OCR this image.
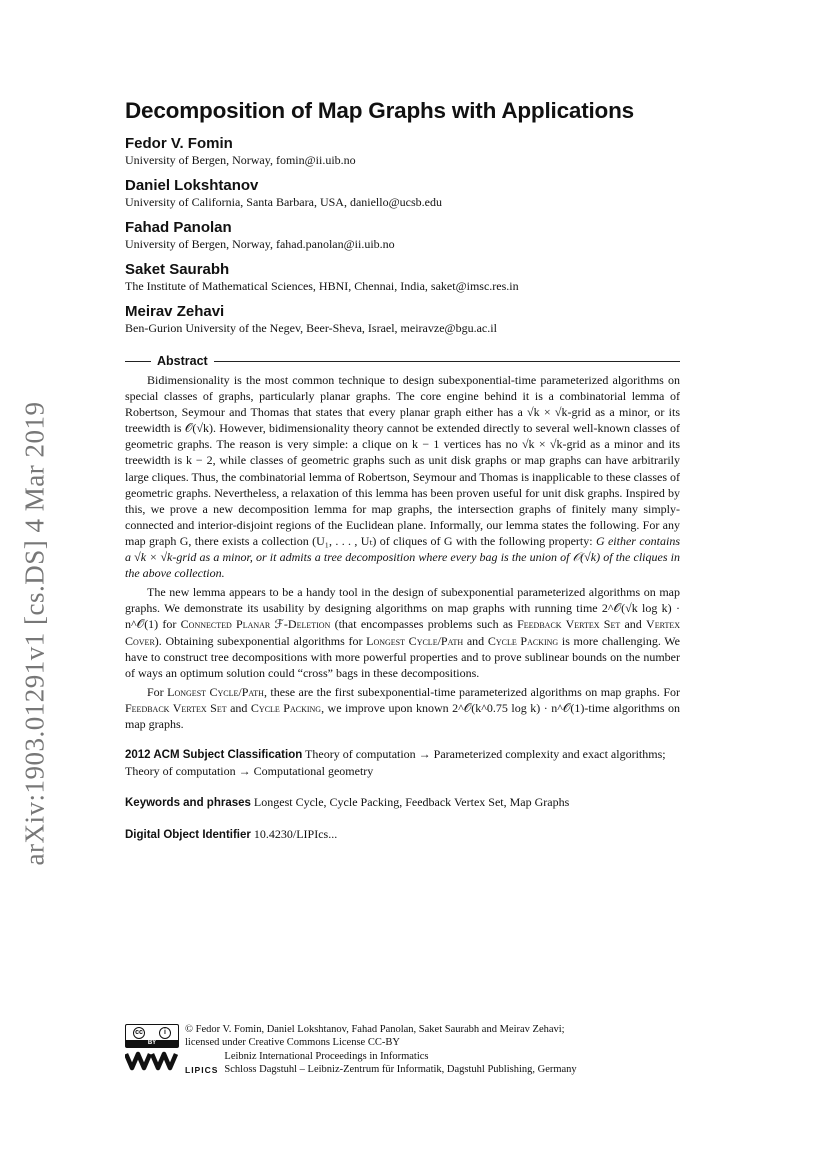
arXiv:1903.01291v1 [cs.DS] 4 Mar 2019
Decomposition of Map Graphs with Applications
Fedor V. Fomin
University of Bergen, Norway, fomin@ii.uib.no
Daniel Lokshtanov
University of California, Santa Barbara, USA, daniello@ucsb.edu
Fahad Panolan
University of Bergen, Norway, fahad.panolan@ii.uib.no
Saket Saurabh
The Institute of Mathematical Sciences, HBNI, Chennai, India, saket@imsc.res.in
Meirav Zehavi
Ben-Gurion University of the Negev, Beer-Sheva, Israel, meiravze@bgu.ac.il
Abstract

Bidimensionality is the most common technique to design subexponential-time parameterized algorithms on special classes of graphs, particularly planar graphs. The core engine behind it is a combinatorial lemma of Robertson, Seymour and Thomas that states that every planar graph either has a √k × √k-grid as a minor, or its treewidth is 𝒪(√k). However, bidimensionality theory cannot be extended directly to several well-known classes of geometric graphs. The reason is very simple: a clique on k − 1 vertices has no √k × √k-grid as a minor and its treewidth is k − 2, while classes of geometric graphs such as unit disk graphs or map graphs can have arbitrarily large cliques. Thus, the combinatorial lemma of Robertson, Seymour and Thomas is inapplicable to these classes of geometric graphs. Nevertheless, a relaxation of this lemma has been proven useful for unit disk graphs. Inspired by this, we prove a new decomposition lemma for map graphs, the intersection graphs of finitely many simply-connected and interior-disjoint regions of the Euclidean plane. Informally, our lemma states the following. For any map graph G, there exists a collection (U₁, . . . , Uₜ) of cliques of G with the following property: G either contains a √k × √k-grid as a minor, or it admits a tree decomposition where every bag is the union of 𝒪(√k) of the cliques in the above collection.

The new lemma appears to be a handy tool in the design of subexponential parameterized algorithms on map graphs. We demonstrate its usability by designing algorithms on map graphs with running time 2^𝒪(√k log k) · n^𝒪(1) for Connected Planar ℱ-Deletion (that encompasses problems such as Feedback Vertex Set and Vertex Cover). Obtaining subexponential algorithms for Longest Cycle/Path and Cycle Packing is more challenging. We have to construct tree decompositions with more powerful properties and to prove sublinear bounds on the number of ways an optimum solution could “cross” bags in these decompositions.

For Longest Cycle/Path, these are the first subexponential-time parameterized algorithms on map graphs. For Feedback Vertex Set and Cycle Packing, we improve upon known 2^𝒪(k^0.75 log k) · n^𝒪(1)-time algorithms on map graphs.

2012 ACM Subject Classification Theory of computation → Parameterized complexity and exact algorithms; Theory of computation → Computational geometry
Keywords and phrases Longest Cycle, Cycle Packing, Feedback Vertex Set, Map Graphs
Digital Object Identifier 10.4230/LIPIcs...
cc	i
BY
© Fedor V. Fomin, Daniel Lokshtanov, Fahad Panolan, Saket Saurabh and Meirav Zehavi;
licensed under Creative Commons License CC-BY
LIPICS
Leibniz International Proceedings in Informatics
Schloss Dagstuhl – Leibniz-Zentrum für Informatik, Dagstuhl Publishing, Germany
